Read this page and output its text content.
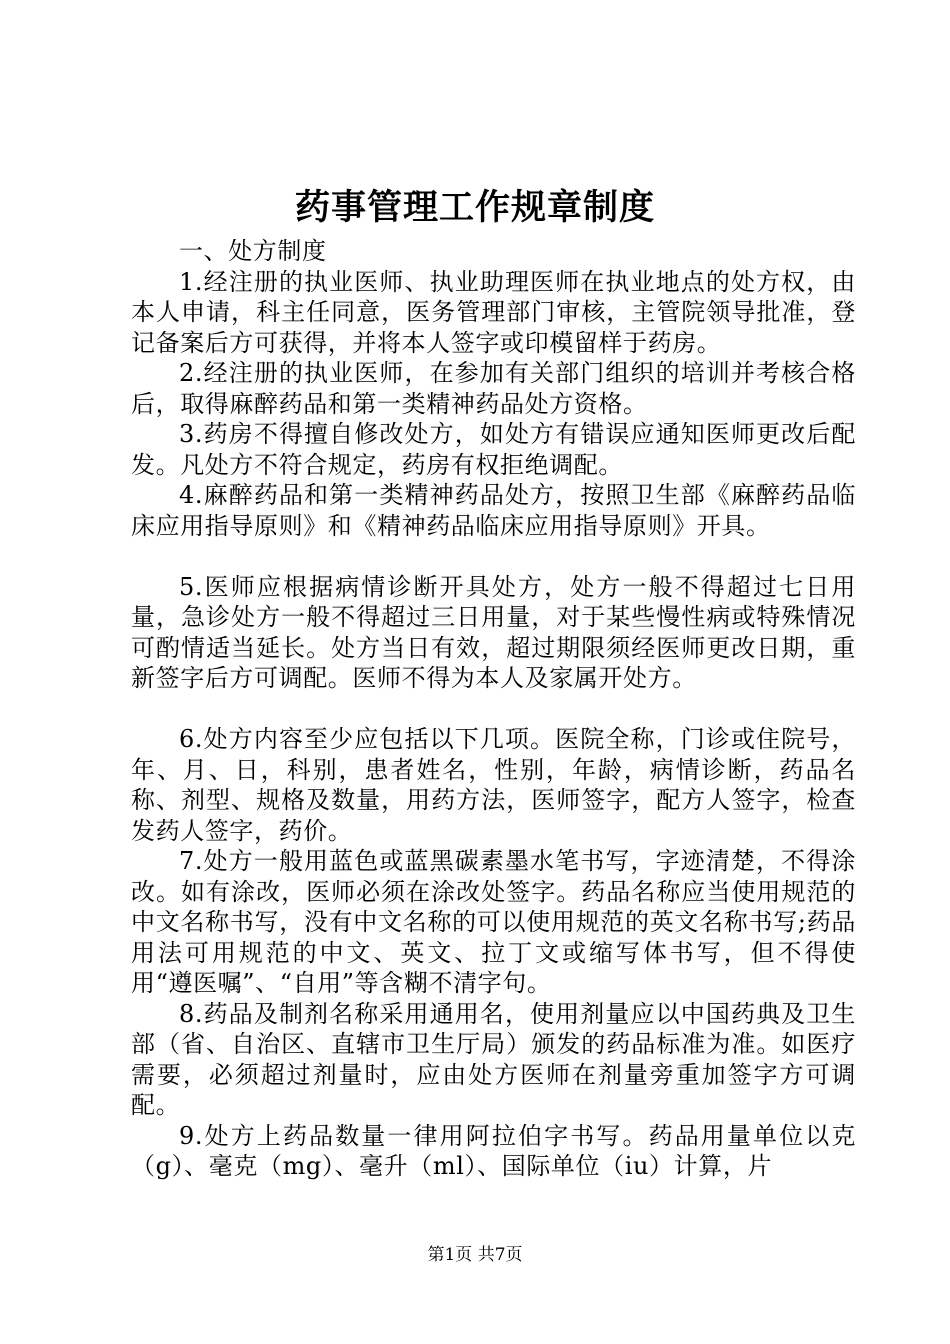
药事管理工作规章制度

一、处方制度

1.经注册的执业医师、执业助理医师在执业地点的处方权，由本人申请，科主任同意，医务管理部门审核，主管院领导批准，登记备案后方可获得，并将本人签字或印模留样于药房。

2.经注册的执业医师，在参加有关部门组织的培训并考核合格后，取得麻醉药品和第一类精神药品处方资格。

3.药房不得擅自修改处方，如处方有错误应通知医师更改后配发。凡处方不符合规定，药房有权拒绝调配。

4.麻醉药品和第一类精神药品处方，按照卫生部《麻醉药品临床应用指导原则》和《精神药品临床应用指导原则》开具。

5.医师应根据病情诊断开具处方，处方一般不得超过七日用量，急诊处方一般不得超过三日用量，对于某些慢性病或特殊情况可酌情适当延长。处方当日有效，超过期限须经医师更改日期，重新签字后方可调配。医师不得为本人及家属开处方。

6.处方内容至少应包括以下几项。医院全称，门诊或住院号，年、月、日，科别，患者姓名，性别，年龄，病情诊断，药品名称、剂型、规格及数量，用药方法，医师签字，配方人签字，检查发药人签字，药价。

7.处方一般用蓝色或蓝黑碳素墨水笔书写，字迹清楚，不得涂改。如有涂改，医师必须在涂改处签字。药品名称应当使用规范的中文名称书写，没有中文名称的可以使用规范的英文名称书写;药品用法可用规范的中文、英文、拉丁文或缩写体书写，但不得使用“遵医嘱”、“自用”等含糊不清字句。

8.药品及制剂名称采用通用名，使用剂量应以中国药典及卫生部（省、自治区、直辖市卫生厅局）颁发的药品标准为准。如医疗需要，必须超过剂量时，应由处方医师在剂量旁重加签字方可调配。

9.处方上药品数量一律用阿拉伯字书写。药品用量单位以克（g）、毫克（mg）、毫升（ml）、国际单位（iu）计算，片

第1页 共7页
